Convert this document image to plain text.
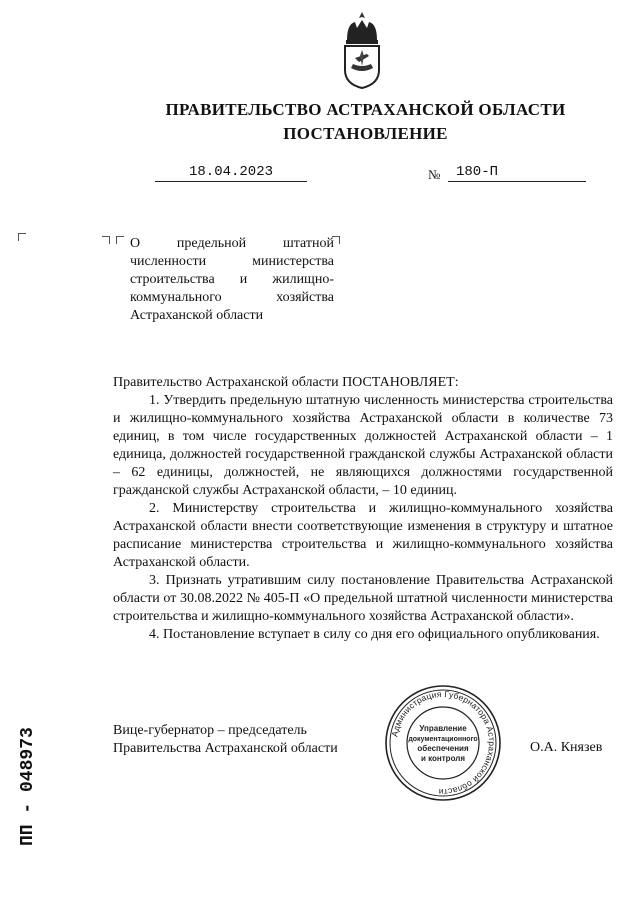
ПРАВИТЕЛЬСТВО АСТРАХАНСКОЙ ОБЛАСТИ
ПОСТАНОВЛЕНИЕ
18.04.2023	№	180-П
О предельной штатной численности министерства строительства и жилищно-коммунального хозяйства Астраханской области

Правительство Астраханской области ПОСТАНОВЛЯЕТ:

1. Утвердить предельную штатную численность министерства строительства и жилищно-коммунального хозяйства Астраханской области в количестве 73 единиц, в том числе государственных должностей Астраханской области – 1 единица, должностей государственной гражданской службы Астраханской области – 62 единицы, должностей, не являющихся должностями государственной гражданской службы Астраханской области, – 10 единиц.

2. Министерству строительства и жилищно-коммунального хозяйства Астраханской области внести соответствующие изменения в структуру и штатное расписание министерства строительства и жилищно-коммунального хозяйства Астраханской области.

3. Признать утратившим силу постановление Правительства Астраханской области от 30.08.2022 № 405-П «О предельной штатной численности министерства строительства и жилищно-коммунального хозяйства Астраханской области».

4. Постановление вступает в силу со дня его официального опубликования.

Вице-губернатор – председатель
Правительства Астраханской области	О.А. Князев
Администрация Губернатора Астраханской области
Управление
документационного
обеспечения
и контроля
ПП - 048973
